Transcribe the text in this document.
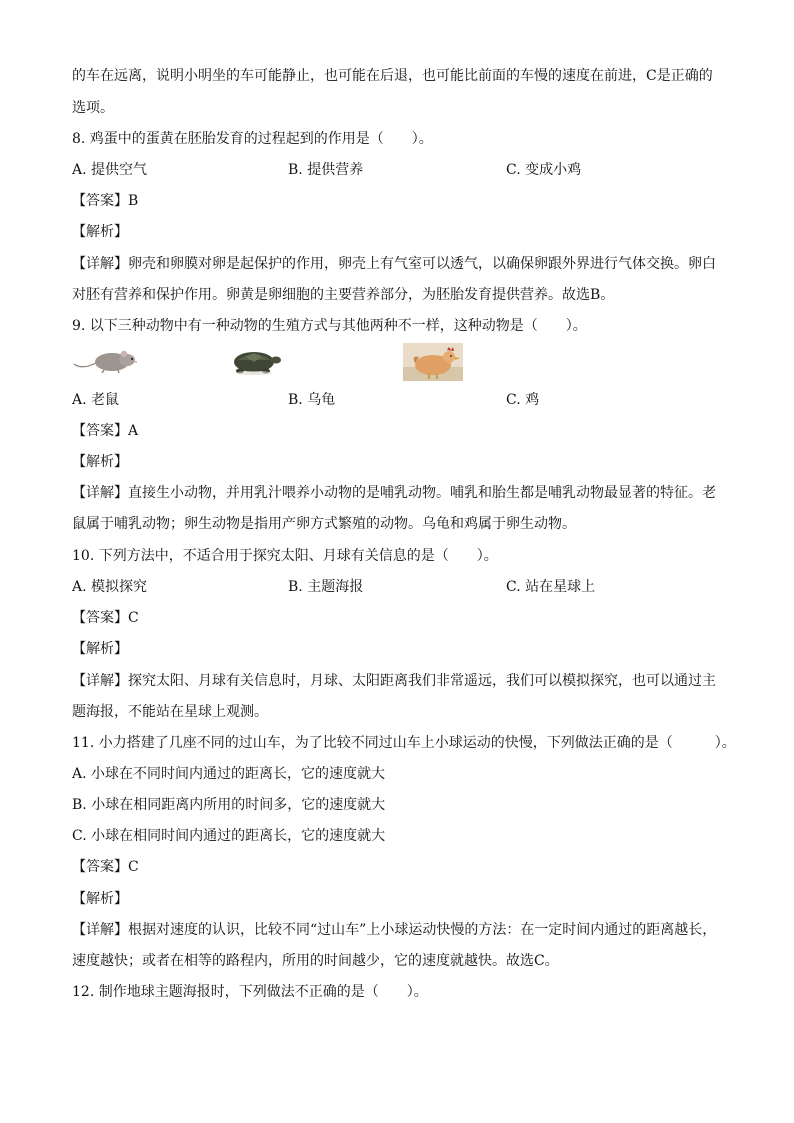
的车在远离，说明小明坐的车可能静止，也可能在后退，也可能比前面的车慢的速度在前进，C是正确的
选项。
8. 鸡蛋中的蛋黄在胚胎发育的过程起到的作用是（　　）。
A. 提供空气	B. 提供营养	C. 变成小鸡
【答案】B
【解析】
【详解】卵壳和卵膜对卵是起保护的作用，卵壳上有气室可以透气，以确保卵跟外界进行气体交换。卵白
对胚有营养和保护作用。卵黄是卵细胞的主要营养部分，为胚胎发育提供营养。故选B。
9. 以下三种动物中有一种动物的生殖方式与其他两种不一样，这种动物是（　　）。
A. 老鼠	B. 乌龟	C. 鸡
【答案】A
【解析】
【详解】直接生小动物，并用乳汁喂养小动物的是哺乳动物。哺乳和胎生都是哺乳动物最显著的特征。老
鼠属于哺乳动物；卵生动物是指用产卵方式繁殖的动物。乌龟和鸡属于卵生动物。
10. 下列方法中，不适合用于探究太阳、月球有关信息的是（　　）。
A. 模拟探究	B. 主题海报	C. 站在星球上
【答案】C
【解析】
【详解】探究太阳、月球有关信息时，月球、太阳距离我们非常遥远，我们可以模拟探究，也可以通过主
题海报，不能站在星球上观测。
11. 小力搭建了几座不同的过山车，为了比较不同过山车上小球运动的快慢，下列做法正确的是（　　　）。
A. 小球在不同时间内通过的距离长，它的速度就大
B. 小球在相同距离内所用的时间多，它的速度就大
C. 小球在相同时间内通过的距离长，它的速度就大
【答案】C
【解析】
【详解】根据对速度的认识，比较不同“过山车”上小球运动快慢的方法：在一定时间内通过的距离越长，
速度越快；或者在相等的路程内，所用的时间越少，它的速度就越快。故选C。
12. 制作地球主题海报时，下列做法不正确的是（　　）。
